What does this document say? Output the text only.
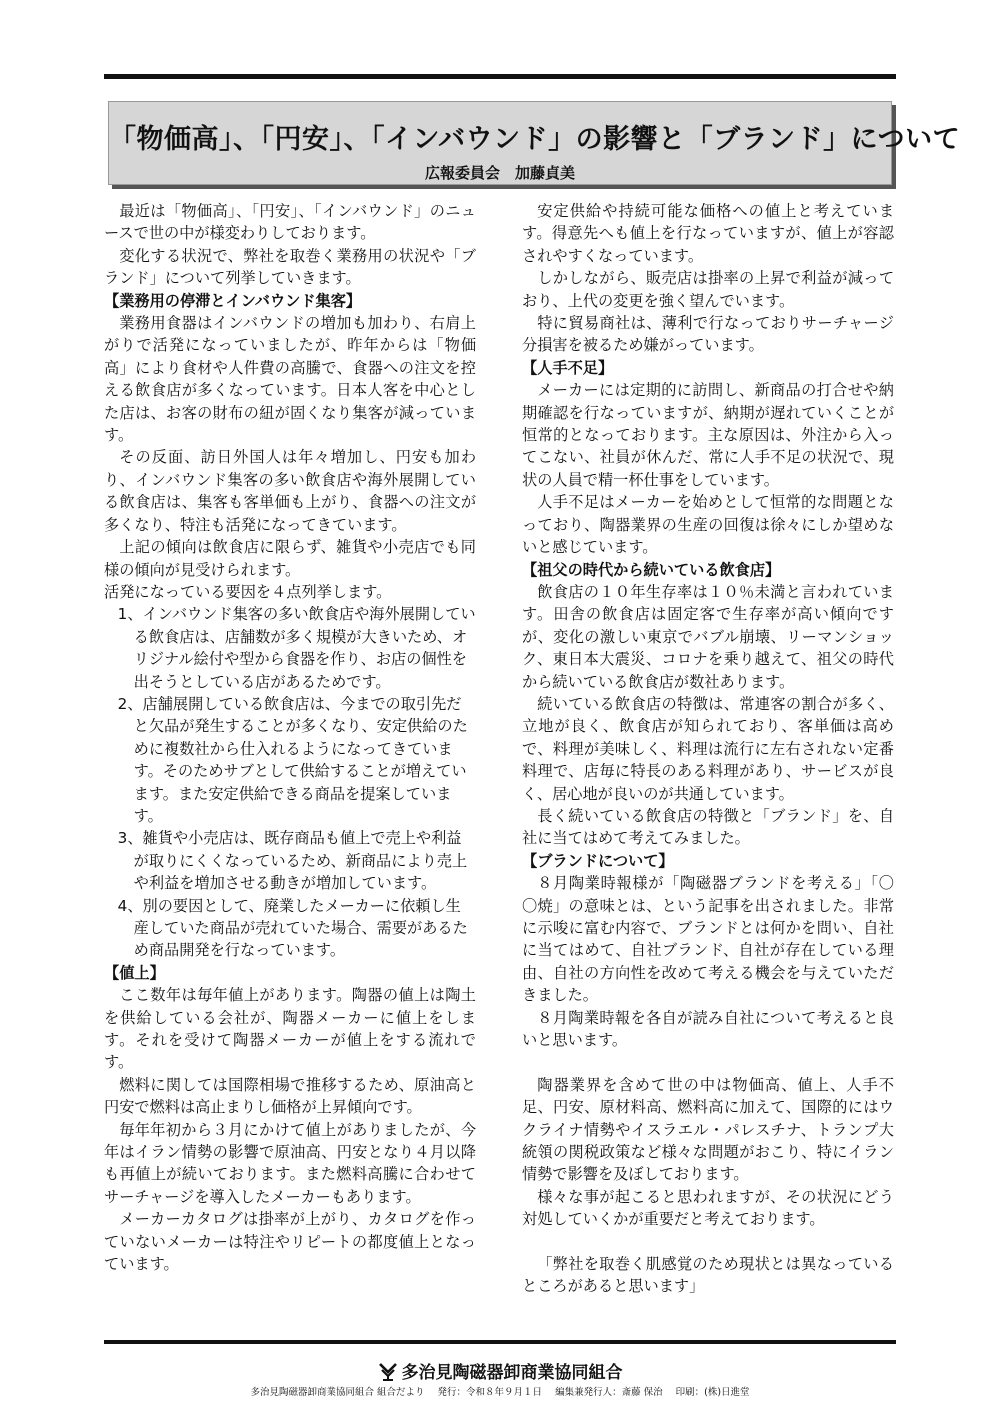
「物価高」、「円安」、「インバウンド」の影響と「ブランド」について
広報委員会　加藤貞美

最近は「物価高」、「円安」、「インバウンド」のニュースで世の中が様変わりしております。

変化する状況で、弊社を取巻く業務用の状況や「ブランド」について列挙していきます。

【業務用の停滞とインバウンド集客】

業務用食器はインバウンドの増加も加わり、右肩上がりで活発になっていましたが、昨年からは「物価高」により食材や人件費の高騰で、食器への注文を控える飲食店が多くなっています。日本人客を中心とした店は、お客の財布の紐が固くなり集客が減っています。

その反面、訪日外国人は年々増加し、円安も加わり、インバウンド集客の多い飲食店や海外展開している飲食店は、集客も客単価も上がり、食器への注文が多くなり、特注も活発になってきています。

上記の傾向は飲食店に限らず、雑貨や小売店でも同様の傾向が見受けられます。

活発になっている要因を４点列挙します。

1、インバウンド集客の多い飲食店や海外展開している飲食店は、店舗数が多く規模が大きいため、オリジナル絵付や型から食器を作り、お店の個性を出そうとしている店があるためです。

2、店舗展開している飲食店は、今までの取引先だと欠品が発生することが多くなり、安定供給のために複数社から仕入れるようになってきています。そのためサブとして供給することが増えています。また安定供給できる商品を提案しています。

3、雑貨や小売店は、既存商品も値上で売上や利益が取りにくくなっているため、新商品により売上や利益を増加させる動きが増加しています。

4、別の要因として、廃業したメーカーに依頼し生産していた商品が売れていた場合、需要があるため商品開発を行なっています。

【値上】

ここ数年は毎年値上があります。陶器の値上は陶土を供給している会社が、陶器メーカーに値上をします。それを受けて陶器メーカーが値上をする流れです。

燃料に関しては国際相場で推移するため、原油高と円安で燃料は高止まりし価格が上昇傾向です。

毎年年初から３月にかけて値上がありましたが、今年はイラン情勢の影響で原油高、円安となり４月以降も再値上が続いております。また燃料高騰に合わせてサーチャージを導入したメーカーもあります。

メーカーカタログは掛率が上がり、カタログを作っていないメーカーは特注やリピートの都度値上となっています。

安定供給や持続可能な価格への値上と考えています。得意先へも値上を行なっていますが、値上が容認されやすくなっています。

しかしながら、販売店は掛率の上昇で利益が減っており、上代の変更を強く望んでいます。

特に貿易商社は、薄利で行なっておりサーチャージ分損害を被るため嫌がっています。

【人手不足】

メーカーには定期的に訪問し、新商品の打合せや納期確認を行なっていますが、納期が遅れていくことが恒常的となっております。主な原因は、外注から入ってこない、社員が休んだ、常に人手不足の状況で、現状の人員で精一杯仕事をしています。

人手不足はメーカーを始めとして恒常的な問題となっており、陶器業界の生産の回復は徐々にしか望めないと感じています。

【祖父の時代から続いている飲食店】

飲食店の１０年生存率は１０％未満と言われています。田舎の飲食店は固定客で生存率が高い傾向ですが、変化の激しい東京でバブル崩壊、リーマンショック、東日本大震災、コロナを乗り越えて、祖父の時代から続いている飲食店が数社あります。

続いている飲食店の特徴は、常連客の割合が多く、立地が良く、飲食店が知られており、客単価は高めで、料理が美味しく、料理は流行に左右されない定番料理で、店毎に特長のある料理があり、サービスが良く、居心地が良いのが共通しています。

長く続いている飲食店の特徴と「ブランド」を、自社に当てはめて考えてみました。

【ブランドについて】

８月陶業時報様が「陶磁器ブランドを考える」「〇〇焼」の意味とは、という記事を出されました。非常に示唆に富む内容で、ブランドとは何かを問い、自社に当てはめて、自社ブランド、自社が存在している理由、自社の方向性を改めて考える機会を与えていただきました。

８月陶業時報を各自が読み自社について考えると良いと思います。

陶器業界を含めて世の中は物価高、値上、人手不足、円安、原材料高、燃料高に加えて、国際的にはウクライナ情勢やイスラエル・パレスチナ、トランプ大統領の関税政策など様々な問題がおこり、特にイラン情勢で影響を及ぼしております。

様々な事が起こると思われますが、その状況にどう対処していくかが重要だと考えております。

「弊社を取巻く肌感覚のため現状とは異なっているところがあると思います」

多治見陶磁器卸商業協同組合
多治見陶磁器卸商業協同組合 組合だより 発行：令和８年９月１日 編集兼発行人：斎藤 保治 印刷：(株)日進堂
